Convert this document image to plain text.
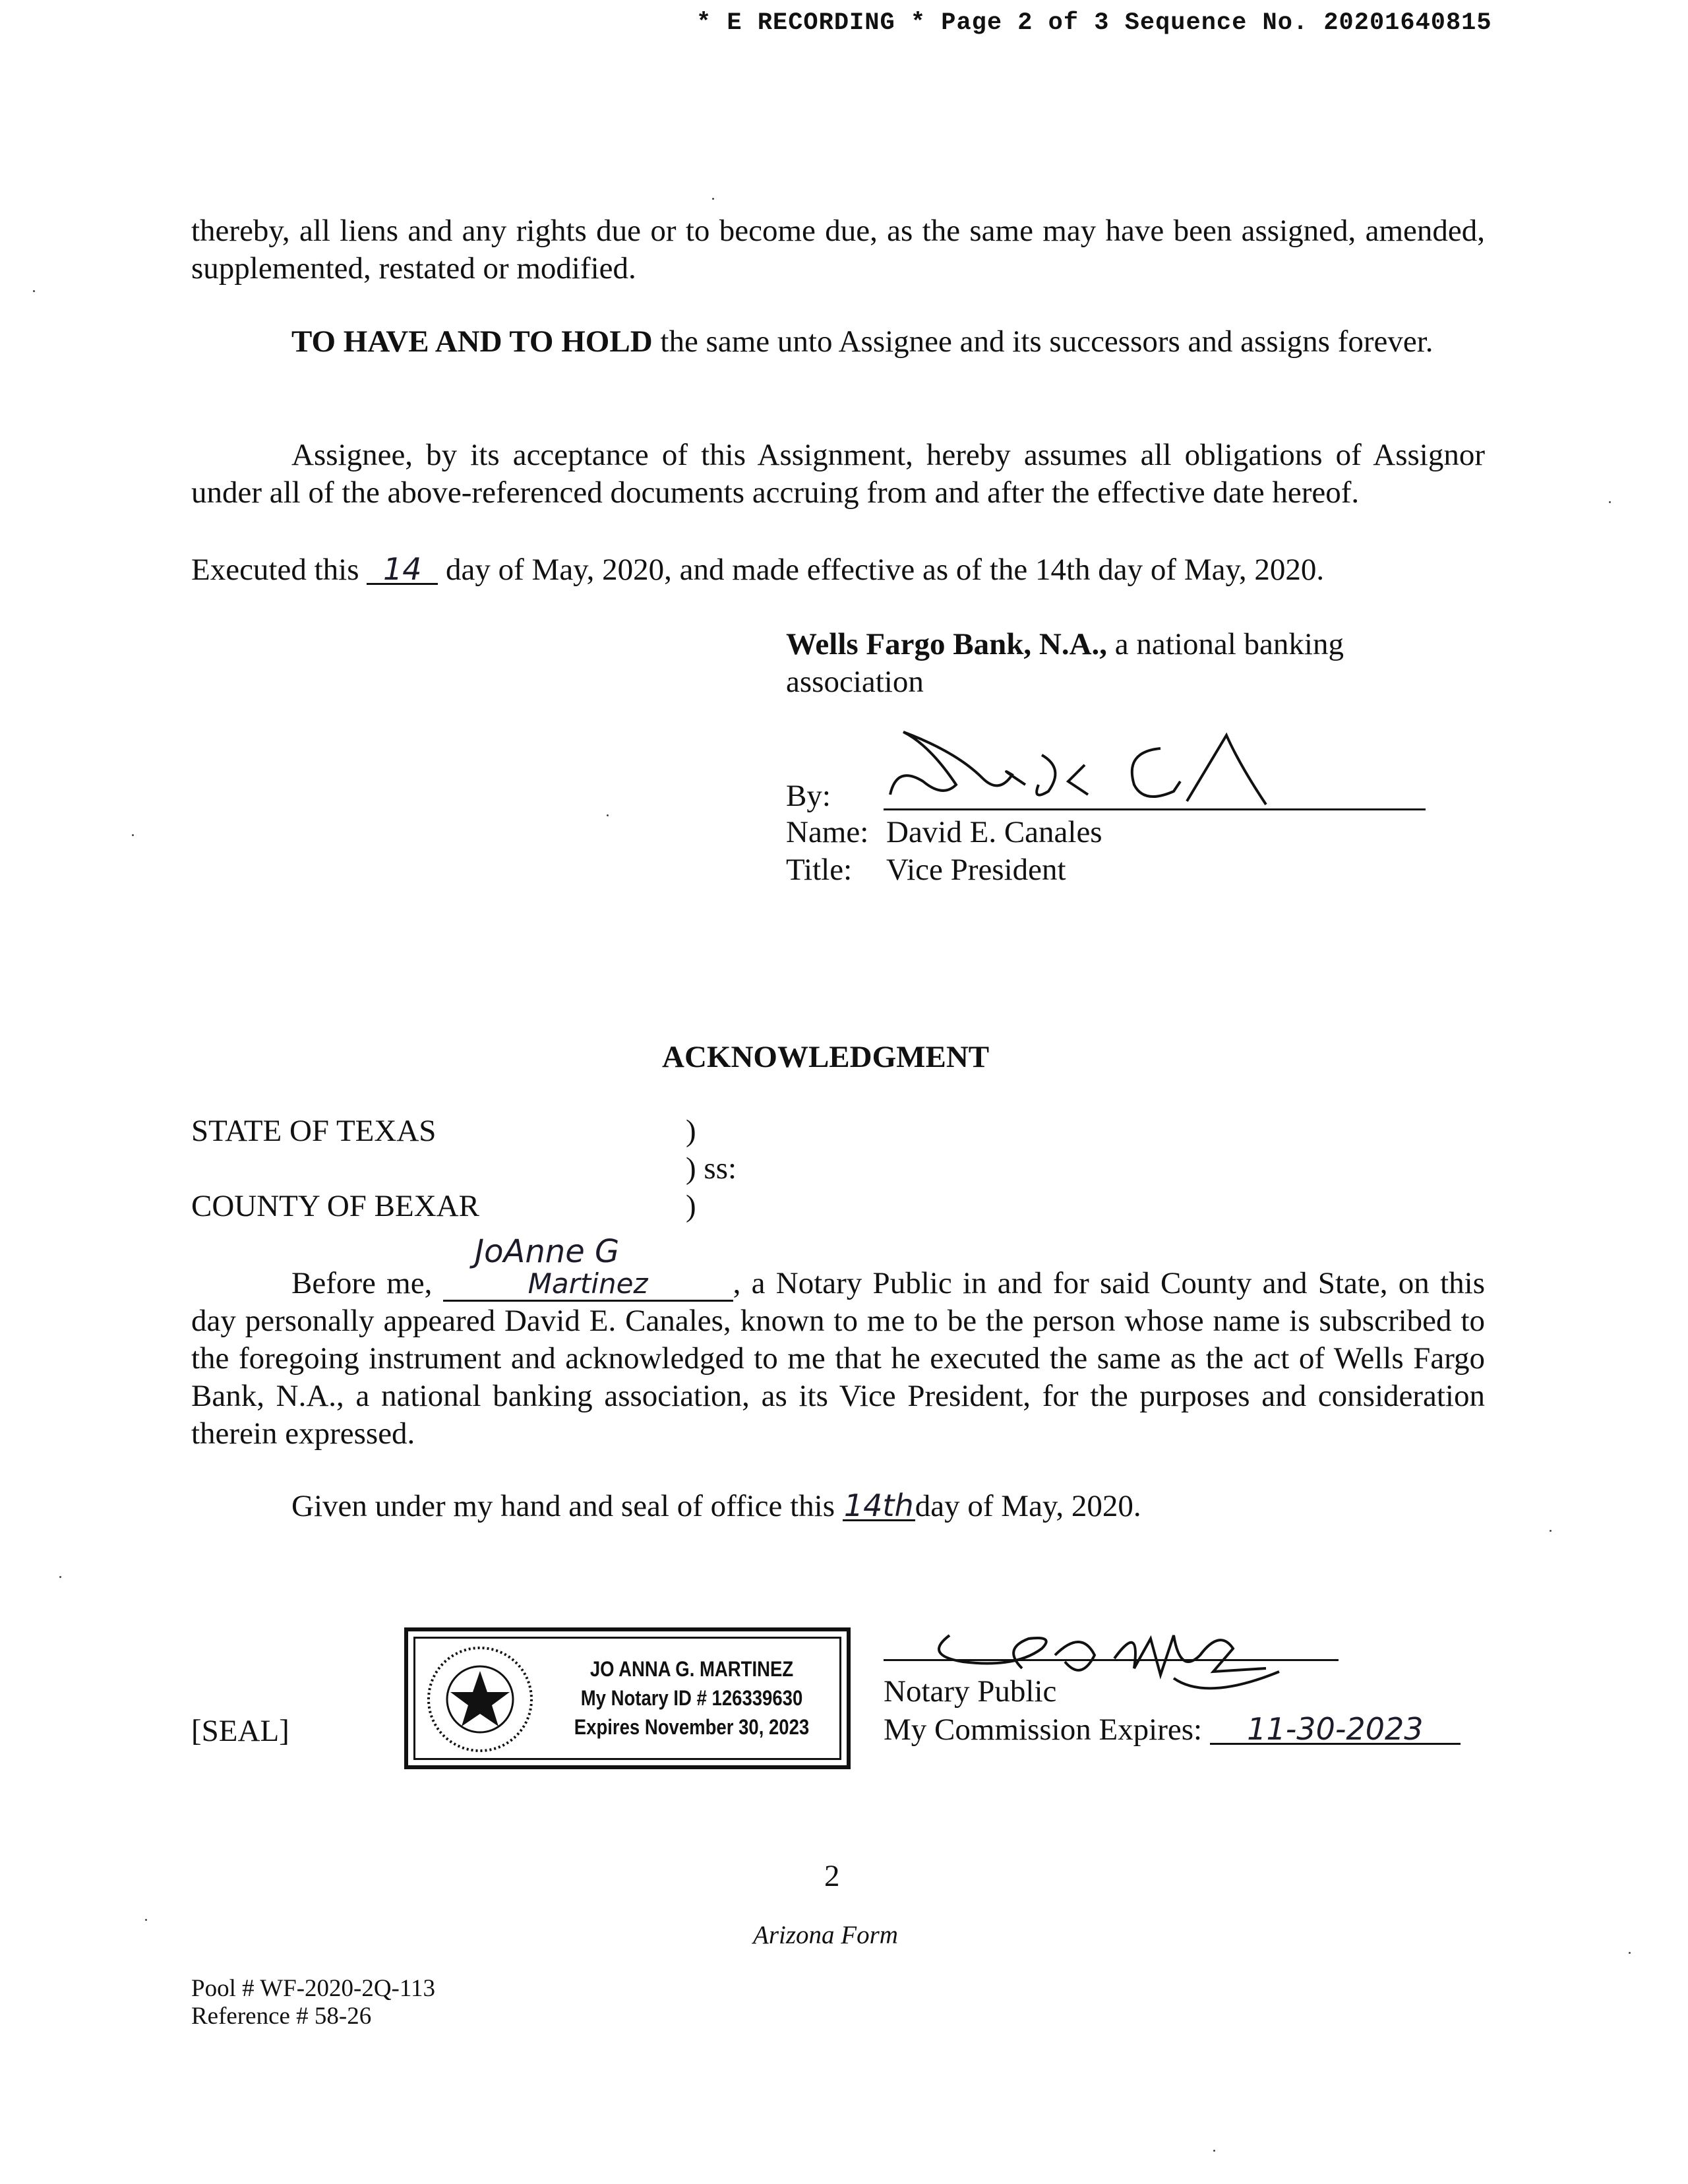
* E RECORDING * Page 2 of 3 Sequence No. 20201640815
thereby, all liens and any rights due or to become due, as the same may have been assigned, amended, supplemented, restated or modified.
TO HAVE AND TO HOLD the same unto Assignee and its successors and assigns forever.
Assignee, by its acceptance of this Assignment, hereby assumes all obligations of Assignor under all of the above-referenced documents accruing from and after the effective date hereof.
Executed this 14 day of May, 2020, and made effective as of the 14th day of May, 2020.
Wells Fargo Bank, N.A., a national banking
association
By:
Name: David E. Canales
Title: Vice President
ACKNOWLEDGMENT
STATE OF TEXAS	)
) ss:
COUNTY OF BEXAR	)
JoAnne G
Before me,	Martinez	, a Notary Public in and for said County and State, on this day personally appeared David E. Canales, known to me to be the person whose name is subscribed to the foregoing instrument and acknowledged to me that he executed the same as the act of Wells Fargo Bank, N.A., a national banking association, as its Vice President, for the purposes and consideration therein expressed.
Given under my hand and seal of office this 14thday of May, 2020.
[SEAL]
JO ANNA G. MARTINEZ
My Notary ID # 126339630
Expires November 30, 2023
Notary Public
My Commission Expires: 11-30-2023
2
Arizona Form
Pool # WF-2020-2Q-113
Reference # 58-26
